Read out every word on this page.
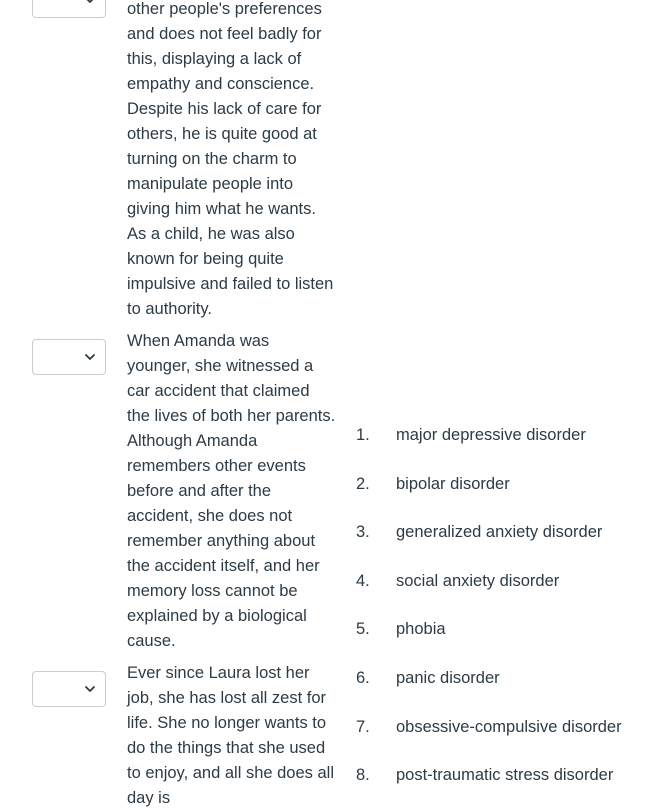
other people's preferences and does not feel badly for this, displaying a lack of empathy and conscience. Despite his lack of care for others, he is quite good at turning on the charm to manipulate people into giving him what he wants. As a child, he was also known for being quite impulsive and failed to listen to authority.
When Amanda was younger, she witnessed a car accident that claimed the lives of both her parents. Although Amanda remembers other events before and after the accident, she does not remember anything about the accident itself, and her memory loss cannot be explained by a biological cause.
Ever since Laura lost her job, she has lost all zest for life. She no longer wants to do the things that she used to enjoy, and all she does all day is
1.	major depressive disorder
2.	bipolar disorder
3.	generalized anxiety disorder
4.	social anxiety disorder
5.	phobia
6.	panic disorder
7.	obsessive-compulsive disorder
8.	post-traumatic stress disorder
